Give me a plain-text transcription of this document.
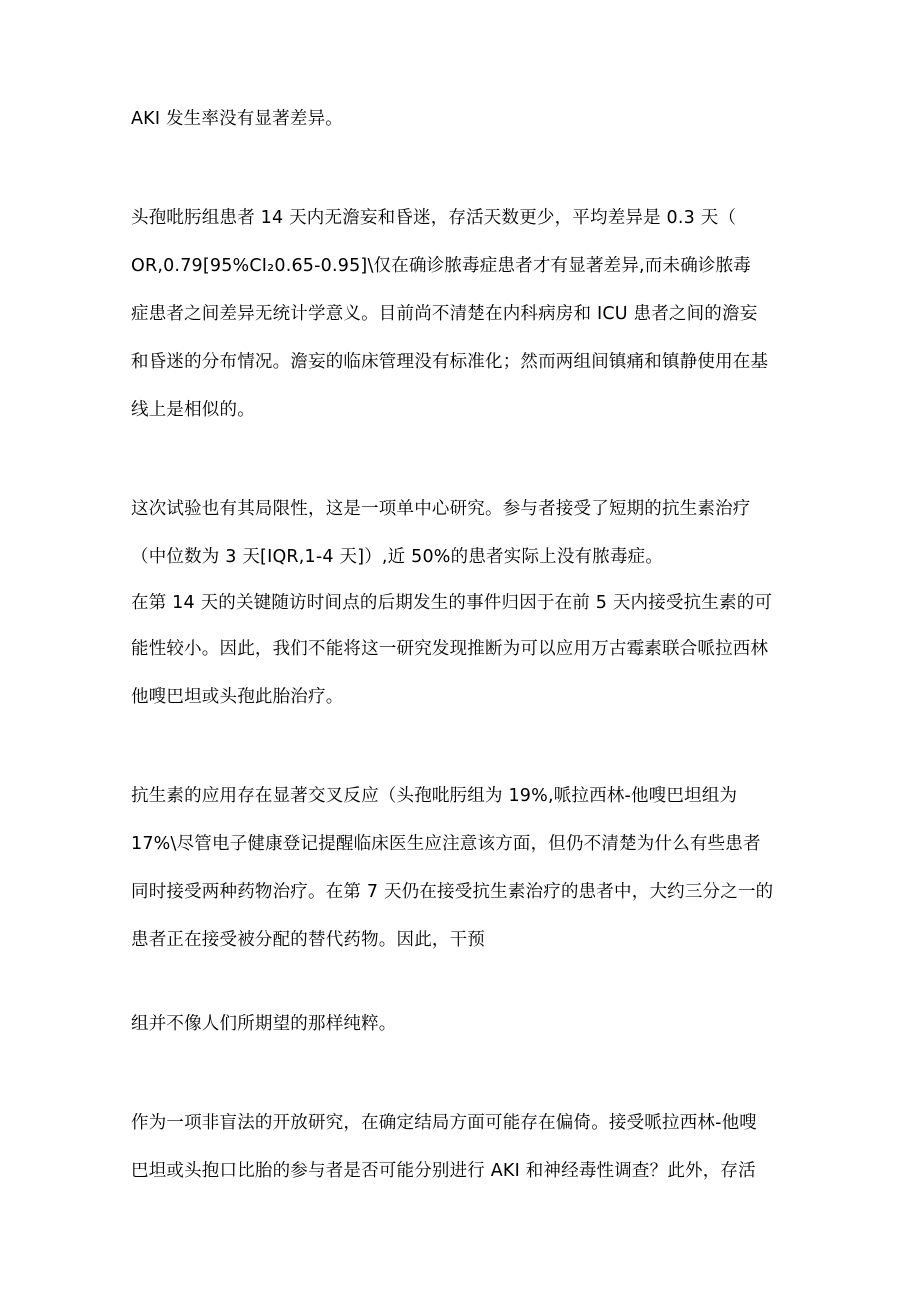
AKI 发生率没有显著差异。
头孢吡肟组患者 14 天内无澹妄和昏迷，存活天数更少，平均差异是 0.3 天（
OR,0.79[95%CI₂0.65-0.95]\仅在确诊脓毒症患者才有显著差异,而未确诊脓毒
症患者之间差异无统计学意义。目前尚不清楚在内科病房和 ICU 患者之间的澹妄
和昏迷的分布情况。澹妄的临床管理没有标准化；然而两组间镇痛和镇静使用在基
线上是相似的。
这次试验也有其局限性，这是一项单中心研究。参与者接受了短期的抗生素治疗
（中位数为 3 天[IQR,1-4 天]）,近 50%的患者实际上没有脓毒症。
在第 14 天的关键随访时间点的后期发生的事件归因于在前 5 天内接受抗生素的可
能性较小。因此，我们不能将这一研究发现推断为可以应用万古霉素联合哌拉西林
他嗖巴坦或头孢此胎治疗。
抗生素的应用存在显著交叉反应（头孢吡肟组为 19%,哌拉西林-他嗖巴坦组为
17%\尽管电子健康登记提醒临床医生应注意该方面，但仍不清楚为什么有些患者
同时接受两种药物治疗。在第 7 天仍在接受抗生素治疗的患者中，大约三分之一的
患者正在接受被分配的替代药物。因此，干预
组并不像人们所期望的那样纯粹。
作为一项非盲法的开放研究，在确定结局方面可能存在偏倚。接受哌拉西林-他嗖
巴坦或头抱口比胎的参与者是否可能分别进行 AKI 和神经毒性调查？此外，存活
